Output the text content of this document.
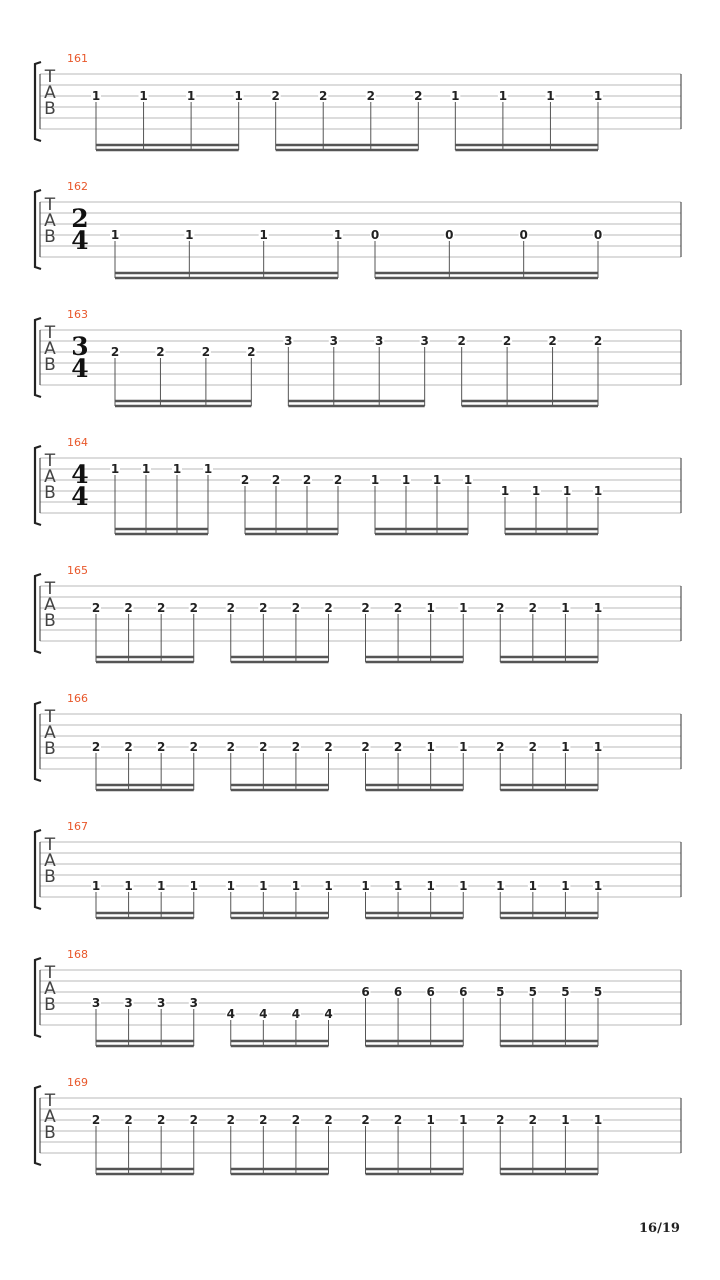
T
A
B
161
1	1	1	1 2	2	2	2 1	1	1	1
T
A
B
162
2
4 1	1	1	1 0	0	0	0
T
A
B
163
3
4
2	2	2	2
3	3	3	3 2	2	2	2
T
A
B
164
4
4
1 1 1 1
2 2 2 2 1 1 1 1
1 1 1 1
T
A
B
165
2 2 2 2 2 2 2 2 2 2 1 1 2 2 1 1
T
A
B
166
2 2 2 2 2 2 2 2 2 2 1 1 2 2 1 1
T
A
B
167
1 1 1 1 1 1 1 1 1 1 1 1 1 1 1 1
T
A
B
168
3 3 3 3
4 4 4 4
6 6 6 6 5 5 5 5
T
A
B
169
2 2 2 2 2 2 2 2 2 2 1 1 2 2 1 1
16/19
